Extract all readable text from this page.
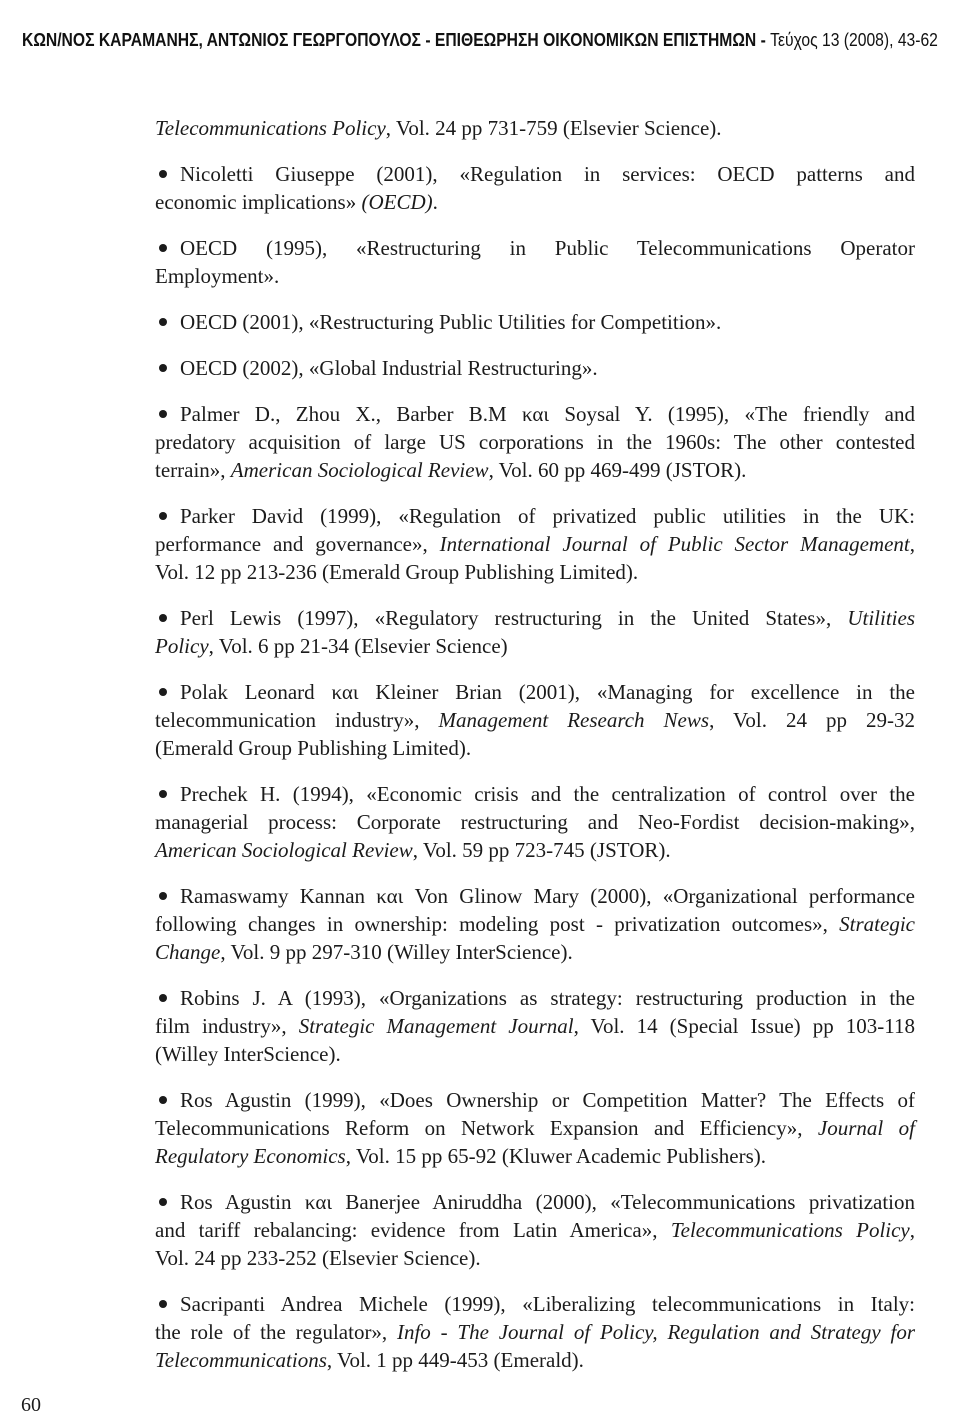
ΚΩΝ/ΝΟΣ ΚΑΡΑΜΑΝΗΣ, ΑΝΤΩΝΙΟΣ ΓΕΩΡΓΟΠΟΥΛΟΣ - ΕΠΙΘΕΩΡΗΣΗ ΟΙΚΟΝΟΜΙΚΩΝ ΕΠΙΣΤΗΜΩΝ - Τεύχος 13 (2008), 43-62
Telecommunications Policy, Vol. 24 pp 731-759 (Elsevier Science).
Nicoletti Giuseppe (2001), «Regulation in services: OECD patterns and
economic implications» (OECD).
OECD (1995), «Restructuring in Public Telecommunications Operator
Employment».
OECD (2001), «Restructuring Public Utilities for Competition».
OECD (2002), «Global Industrial Restructuring».
Palmer D., Zhou X., Barber B.M και Soysal Y. (1995), «The friendly and
predatory acquisition of large US corporations in the 1960s: The other contested
terrain», American Sociological Review, Vol. 60 pp 469-499 (JSTOR).
Parker David (1999), «Regulation of privatized public utilities in the UK:
performance and governance», International Journal of Public Sector Management,
Vol. 12 pp 213-236 (Emerald Group Publishing Limited).
Perl Lewis (1997), «Regulatory restructuring in the United States», Utilities
Policy, Vol. 6 pp 21-34 (Elsevier Science)
Polak Leonard και Kleiner Brian (2001), «Managing for excellence in the
telecommunication industry», Management Research News, Vol. 24 pp 29-32
(Emerald Group Publishing Limited).
Prechek H. (1994), «Economic crisis and the centralization of control over the
managerial process: Corporate restructuring and Neo-Fordist decision-making»,
American Sociological Review, Vol. 59 pp 723-745 (JSTOR).
Ramaswamy Kannan και Von Glinow Mary (2000), «Organizational performance
following changes in ownership: modeling post - privatization outcomes», Strategic
Change, Vol. 9 pp 297-310 (Willey InterScience).
Robins J. A (1993), «Organizations as strategy: restructuring production in the
film industry», Strategic Management Journal, Vol. 14 (Special Issue) pp 103-118
(Willey InterScience).
Ros Agustin (1999), «Does Ownership or Competition Matter? The Effects of
Telecommunications Reform on Network Expansion and Efficiency», Journal of
Regulatory Economics, Vol. 15 pp 65-92 (Kluwer Academic Publishers).
Ros Agustin και Banerjee Aniruddha (2000), «Telecommunications privatization
and tariff rebalancing: evidence from Latin America», Telecommunications Policy,
Vol. 24 pp 233-252 (Elsevier Science).
Sacripanti Andrea Michele (1999), «Liberalizing telecommunications in Italy:
the role of the regulator», Info - The Journal of Policy, Regulation and Strategy for
Telecommunications, Vol. 1 pp 449-453 (Emerald).
60
